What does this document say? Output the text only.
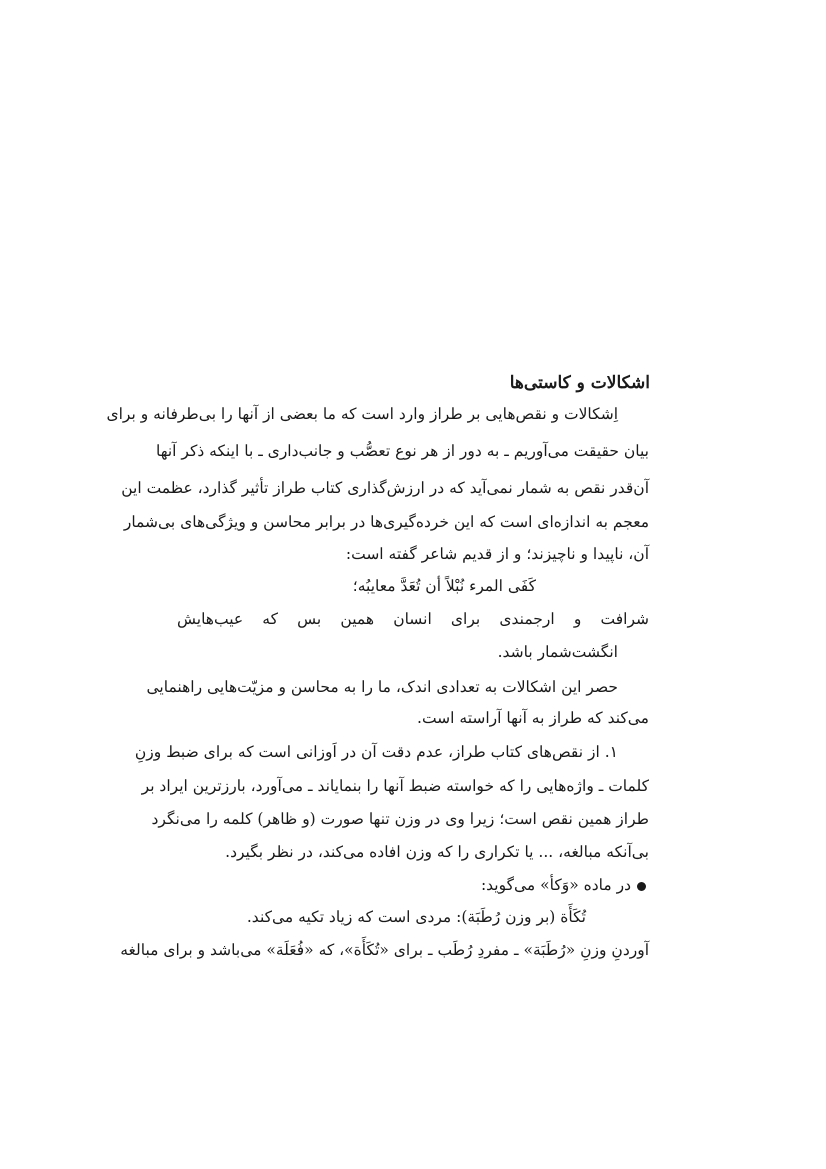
اشکالات و کاستی‌ها
اِشکالات و نقص‌هایی بر طراز وارد است که ما بعضی از آنها را بی‌طرفانه و برای
بیان حقیقت می‌آوریم ـ به دور از هر نوع تعصُّب و جانب‌داری ـ با اینکه ذکر آنها
آن‌قدر نقص به شمار نمی‌آید که در ارزش‌گذاری کتاب طراز تأثیر گذارد، عظمت این
معجم به اندازه‌ای است که این خرده‌گیری‌ها در برابر محاسن و ویژگی‌های بی‌شمار
آن، ناپیدا و ناچیزند؛ و از قدیم شاعر گفته است:
کَفَی المرء نُبْلاً أن تُعَدَّ معایبُه؛
شرافت و ارجمندی برای انسان همین بس که عیب‌هایش
انگشت‌شمار باشد.
حصر این اشکالات به تعدادی اندک، ما را به محاسن و مزیّت‌هایی راهنمایی
می‌کند که طراز به آنها آراسته است.
۱. از نقص‌های کتاب طراز، عدم دقت آن در اَوزانی است که برای ضبط وزنِ
کلمات ـ واژه‌هایی را که خواسته ضبط آنها را بنمایاند ـ می‌آورد، بارزترین ایراد بر
طراز همین نقص است؛ زیرا وی در وزن تنها صورت (و ظاهر) کلمه را می‌نگرد
بی‌آنکه مبالغه، ... یا تکراری را که وزن افاده می‌کند، در نظر بگیرد.
در ماده «وَکأ» می‌گوید:
تُکَأَة (بر وزن رُطَبَة): مردی است که زیاد تکیه می‌کند.
آوردنِ وزنِ «رُطَبَة» ـ مفردِ رُطَب ـ برای «تُکَأَة»، که «فُعَلَة» می‌باشد و برای مبالغه
